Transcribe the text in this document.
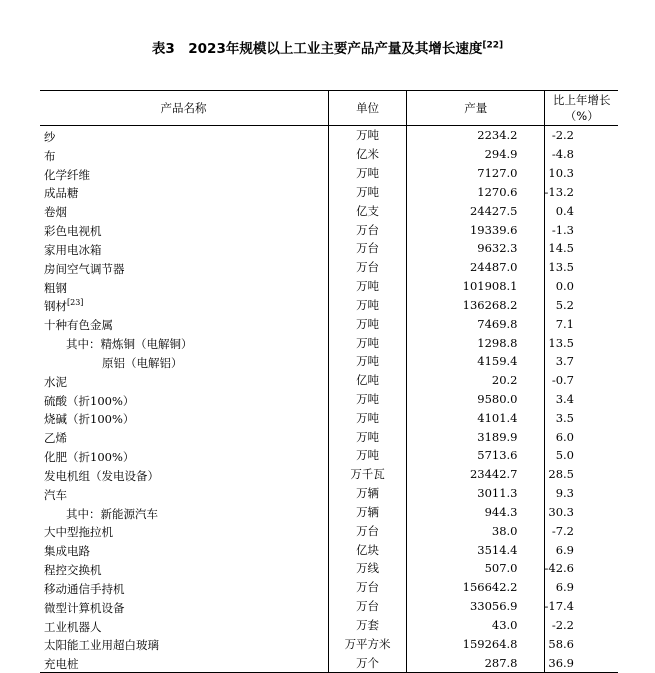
表3　2023年规模以上工业主要产品产量及其增长速度[22]
产品名称	单位	产量	比上年增长（%）
纱	万吨	2234.2	-2.2
布	亿米	294.9	-4.8
化学纤维	万吨	7127.0	10.3
成品糖	万吨	1270.6	-13.2
卷烟	亿支	24427.5	0.4
彩色电视机	万台	19339.6	-1.3
家用电冰箱	万台	9632.3	14.5
房间空气调节器	万台	24487.0	13.5
粗钢	万吨	101908.1	0.0
钢材[23]	万吨	136268.2	5.2
十种有色金属	万吨	7469.8	7.1
其中：精炼铜（电解铜）	万吨	1298.8	13.5
原铝（电解铝）	万吨	4159.4	3.7
水泥	亿吨	20.2	-0.7
硫酸（折100%）	万吨	9580.0	3.4
烧碱（折100%）	万吨	4101.4	3.5
乙烯	万吨	3189.9	6.0
化肥（折100%）	万吨	5713.6	5.0
发电机组（发电设备）	万千瓦	23442.7	28.5
汽车	万辆	3011.3	9.3
其中：新能源汽车	万辆	944.3	30.3
大中型拖拉机	万台	38.0	-7.2
集成电路	亿块	3514.4	6.9
程控交换机	万线	507.0	-42.6
移动通信手持机	万台	156642.2	6.9
微型计算机设备	万台	33056.9	-17.4
工业机器人	万套	43.0	-2.2
太阳能工业用超白玻璃	万平方米	159264.8	58.6
充电桩	万个	287.8	36.9
